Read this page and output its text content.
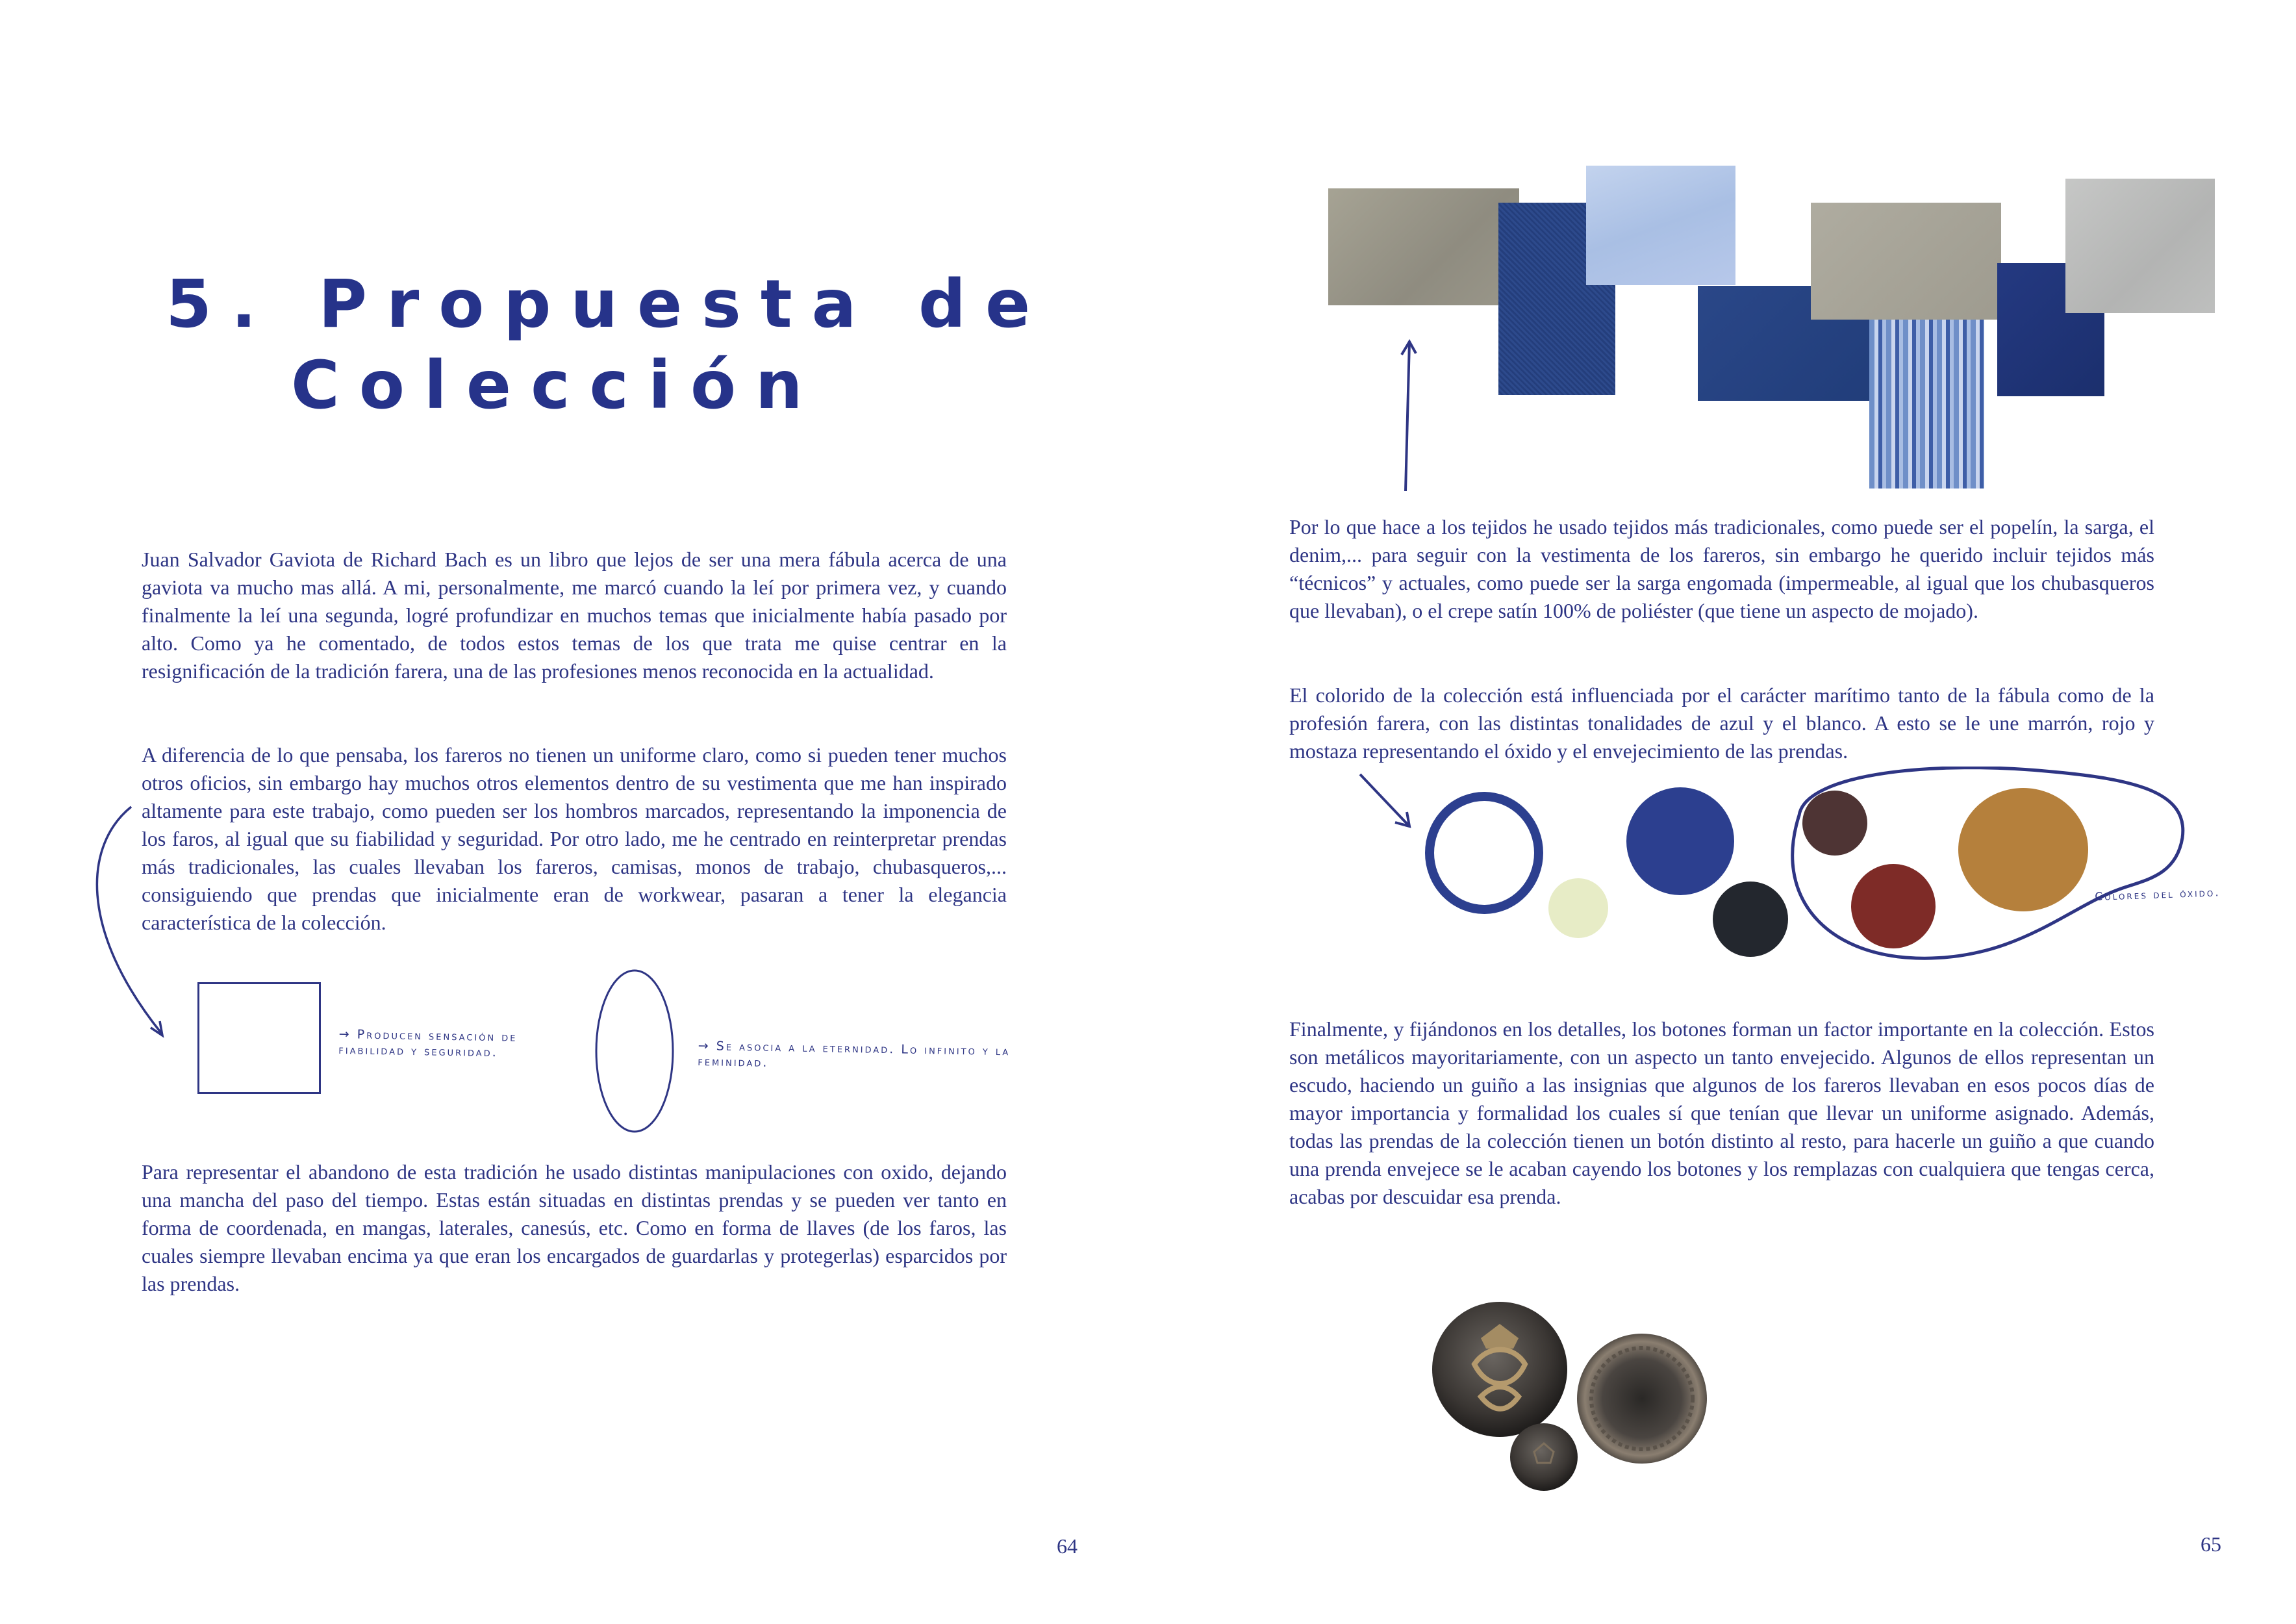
5. Propuesta de
Colección

Juan Salvador Gaviota de Richard Bach es un libro que lejos de ser una mera fábula acerca de una gaviota va mucho mas allá. A mi, personalmente, me marcó cuando la leí por primera vez, y cuando finalmente la leí una segunda, logré profundizar en muchos temas que inicialmente había pasado por alto. Como ya he comentado, de todos estos temas de los que trata me quise centrar en la resignificación de la tradición farera, una de las profesiones menos reconocida en la actualidad.

A diferencia de lo que pensaba, los fareros no tienen un uniforme claro, como si pueden tener muchos otros oficios, sin embargo hay muchos otros elementos dentro de su vestimenta que me han inspirado altamente para este trabajo, como pueden ser los hombros marcados, representando la imponencia de los faros, al igual que su fiabilidad y seguridad. Por otro lado, me he centrado en reinterpretar prendas más tradicionales, las cuales llevaban los fareros, camisas, monos de trabajo, chubasqueros,... consiguiendo que prendas que inicialmente eran de workwear, pasaran a tener la elegancia característica de la colección.

→ Producen sensación de fiabilidad y seguridad.	→ Se asocia a la eternidad. Lo infinito y la feminidad.

Para representar el abandono de esta tradición he usado distintas manipulaciones con oxido, dejando una mancha del paso del tiempo. Estas están situadas en distintas prendas y se pueden ver tanto en forma de coordenada, en mangas, laterales, canesús, etc. Como en forma de llaves (de los faros, las cuales siempre llevaban encima ya que eran los encargados de guardarlas y protegerlas) esparcidos por las prendas.

64

Por lo que hace a los tejidos he usado tejidos más tradicionales, como puede ser el popelín, la sarga, el denim,... para seguir con la vestimenta de los fareros, sin embargo he querido incluir tejidos más “técnicos” y actuales, como puede ser la sarga engomada (impermeable, al igual que los chubasqueros que llevaban), o el crepe satín 100% de poliéster (que tiene un aspecto de mojado).

El colorido de la colección está influenciada por el carácter marítimo tanto de la fábula como de la profesión farera, con las distintas tonalidades de azul y el blanco. A esto se le une marrón, rojo y mostaza representando el óxido y el envejecimiento de las prendas.

Colores del óxido.

Finalmente, y fijándonos en los detalles, los botones forman un factor importante en la colección. Estos son metálicos mayoritariamente, con un aspecto un tanto envejecido. Algunos de ellos representan un escudo, haciendo un guiño a las insignias que algunos de los fareros llevaban en esos pocos días de mayor importancia y formalidad los cuales sí que tenían que llevar un uniforme asignado. Además, todas las prendas de la colección tienen un botón distinto al resto, para hacerle un guiño a que cuando una prenda envejece se le acaban cayendo los botones y los remplazas con cualquiera que tengas cerca, acabas por descuidar esa prenda.

65
